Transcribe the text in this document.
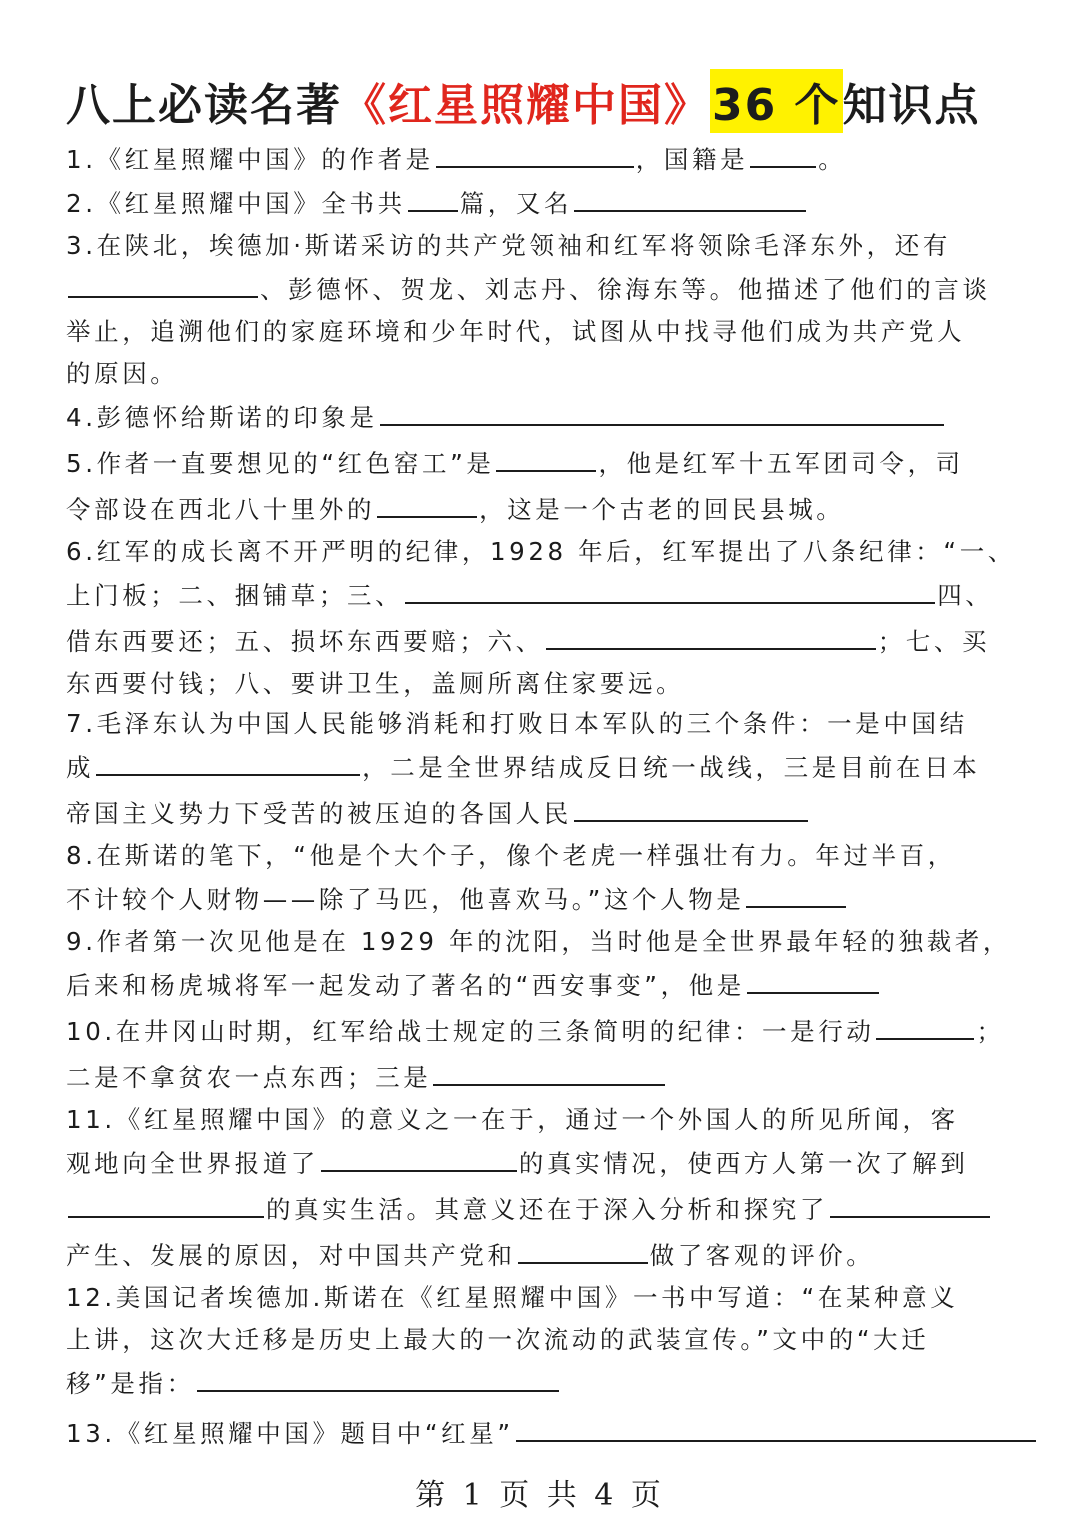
八上必读名著 《红星照耀中国》 36 个 知识点
1.《红星照耀中国》的作者是	，国籍是	。
2.《红星照耀中国》全书共 篇，又名
3.在陕北，埃德加·斯诺采访的共产党领袖和红军将领除毛泽东外，还有
、彭德怀、贺龙、刘志丹、徐海东等。他描述了他们的言谈
举止，追溯他们的家庭环境和少年时代，试图从中找寻他们成为共产党人
的原因。
4.彭德怀给斯诺的印象是
5.作者一直要想见的“红色窑工”是	，他是红军十五军团司令，司
令部设在西北八十里外的	，这是一个古老的回民县城。
6.红军的成长离不开严明的纪律，1928 年后，红军提出了八条纪律：“一、
上门板；二、捆铺草；三、	四、
借东西要还；五、损坏东西要赔；六、	；七、买
东西要付钱；八、要讲卫生，盖厕所离住家要远。
7.毛泽东认为中国人民能够消耗和打败日本军队的三个条件：一是中国结
成	，二是全世界结成反日统一战线，三是目前在日本
帝国主义势力下受苦的被压迫的各国人民
8.在斯诺的笔下，“他是个大个子，像个老虎一样强壮有力。年过半百，
不计较个人财物——除了马匹，他喜欢马。”这个人物是
9.作者第一次见他是在 1929 年的沈阳，当时他是全世界最年轻的独裁者，
后来和杨虎城将军一起发动了著名的“西安事变”，他是
10.在井冈山时期，红军给战士规定的三条简明的纪律：一是行动	；
二是不拿贫农一点东西；三是
11.《红星照耀中国》的意义之一在于，通过一个外国人的所见所闻，客
观地向全世界报道了	的真实情况，使西方人第一次了解到
的真实生活。其意义还在于深入分析和探究了
产生、发展的原因，对中国共产党和	做了客观的评价。
12.美国记者埃德加.斯诺在《红星照耀中国》一书中写道：“在某种意义
上讲，这次大迁移是历史上最大的一次流动的武装宣传。”文中的“大迁
移”是指：
13.《红星照耀中国》题目中“红星”
第 1 页 共 4 页
